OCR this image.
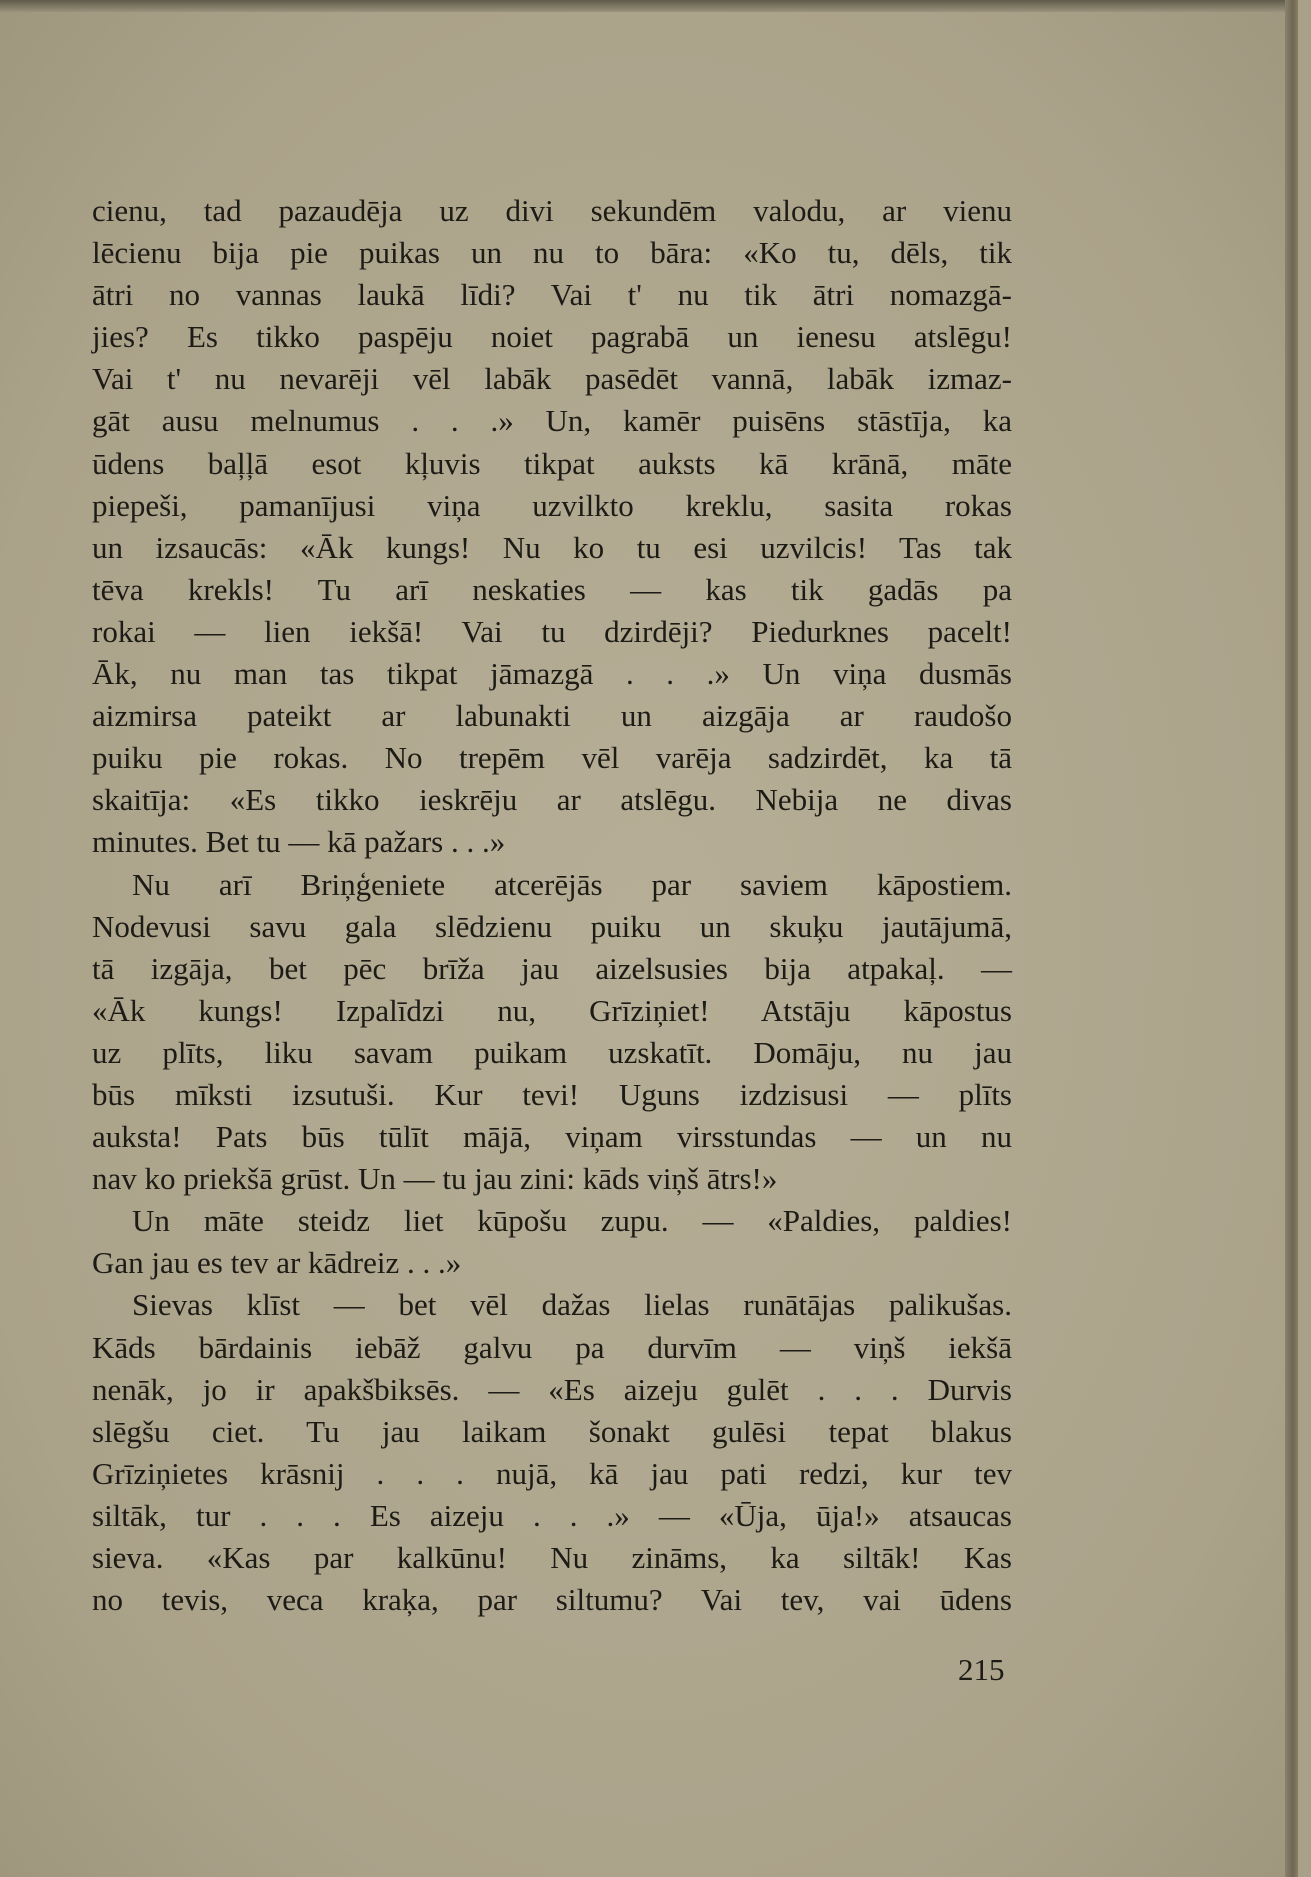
cienu, tad pazaudēja uz divi sekundēm valodu, ar vienu
lēcienu bija pie puikas un nu to bāra: «Ko tu, dēls, tik
ātri no vannas laukā līdi? Vai t' nu tik ātri nomazgā-
jies? Es tikko paspēju noiet pagrabā un ienesu atslēgu!
Vai t' nu nevarēji vēl labāk pasēdēt vannā, labāk izmaz-
gāt ausu melnumus . . .» Un, kamēr puisēns stāstīja, ka
ūdens baļļā esot kļuvis tikpat auksts kā krānā, māte
piepeši, pamanījusi viņa uzvilkto kreklu, sasita rokas
un izsaucās: «Āk kungs! Nu ko tu esi uzvilcis! Tas tak
tēva krekls! Tu arī neskaties — kas tik gadās pa
rokai — lien iekšā! Vai tu dzirdēji? Piedurknes pacelt!
Āk, nu man tas tikpat jāmazgā . . .» Un viņa dusmās
aizmirsa pateikt ar labunakti un aizgāja ar raudošo
puiku pie rokas. No trepēm vēl varēja sadzirdēt, ka tā
skaitīja: «Es tikko ieskrēju ar atslēgu. Nebija ne divas
minutes. Bet tu — kā pažars . . .»
Nu arī Briņģeniete atcerējās par saviem kāpostiem.
Nodevusi savu gala slēdzienu puiku un skuķu jautājumā,
tā izgāja, bet pēc brīža jau aizelsusies bija atpakaļ. —
«Āk kungs! Izpalīdzi nu, Grīziņiet! Atstāju kāpostus
uz plīts, liku savam puikam uzskatīt. Domāju, nu jau
būs mīksti izsutuši. Kur tevi! Uguns izdzisusi — plīts
auksta! Pats būs tūlīt mājā, viņam virsstundas — un nu
nav ko priekšā grūst. Un — tu jau zini: kāds viņš ātrs!»
Un māte steidz liet kūpošu zupu. — «Paldies, paldies!
Gan jau es tev ar kādreiz . . .»
Sievas klīst — bet vēl dažas lielas runātājas palikušas.
Kāds bārdainis iebāž galvu pa durvīm — viņš iekšā
nenāk, jo ir apakšbiksēs. — «Es aizeju gulēt . . . Durvis
slēgšu ciet. Tu jau laikam šonakt gulēsi tepat blakus
Grīziņietes krāsnij . . . nujā, kā jau pati redzi, kur tev
siltāk, tur . . . Es aizeju . . .» — «Ūja, ūja!» atsaucas
sieva. «Kas par kalkūnu! Nu zināms, ka siltāk! Kas
no tevis, veca kraķa, par siltumu? Vai tev, vai ūdens
215
